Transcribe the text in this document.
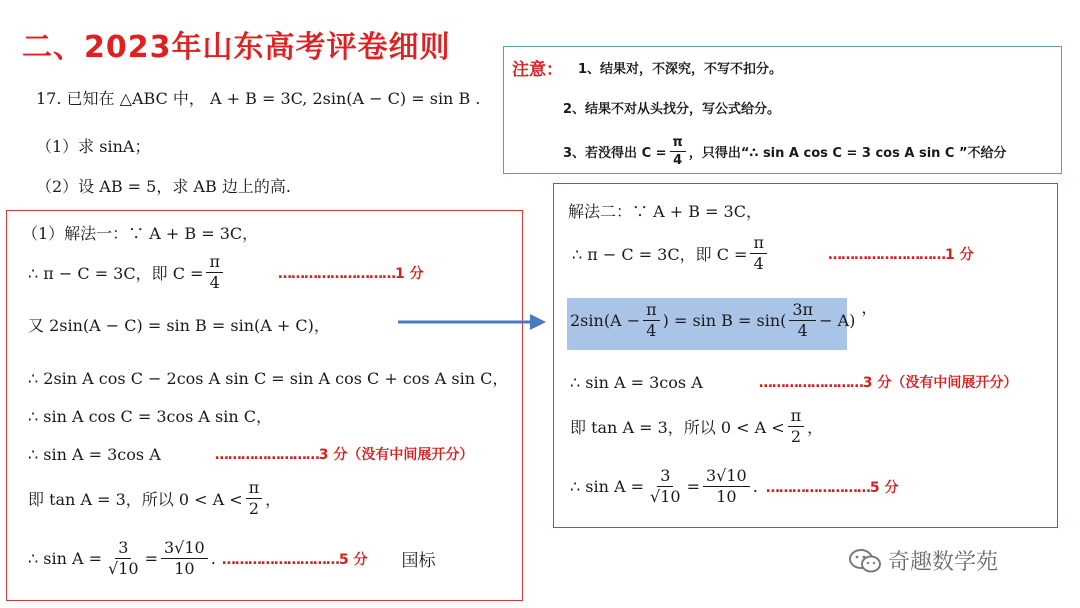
二、2023年山东高考评卷细则
17. 已知在 △ABC 中， A + B = 3C, 2sin(A − C) = sin B .
（1）求 sinA；
（2）设 AB = 5，求 AB 边上的高.
注意： 1、结果对，不深究，不写不扣分。
2、结果不对从头找分，写公式给分。
3、若没得出 $C = \frac{\pi}{4}$ ，只得出“∴ sin A cos C = 3 cos A sin C ”不给分
（1）解法一：∵ A + B = 3C，
∴ π − C = 3C，即 $C = \frac{\pi}{4}$	………………………1 分
又 2sin(A − C) = sin B = sin(A + C)，
∴ 2sin A cos C − 2cos A sin C = sin A cos C + cos A sin C，
∴ sin A cos C = 3cos A sin C，
∴ sin A = 3cos A	……………………3 分（没有中间展开分）
即 tan A = 3，所以 $0 < A < \frac{\pi}{2}$ ，
∴ $\sin A = \frac{3}{√10} = \frac{3√10}{10}$ . ………………………5 分 国标
解法二：∵ A + B = 3C，
∴ π − C = 3C，即 $C = \frac{\pi}{4}$	………………………1 分
$2\sin(A - \frac{\pi}{4}$ ) = $\sin B = \sin( \frac{3\pi}{4} - A)$
，
∴ sin A = 3cos A	……………………3 分（没有中间展开分）
即 tan A = 3，所以 $0 < A < \frac{\pi}{2}$ ，
∴ $\sin A = \frac{3}{√10} = \frac{3√10}{10}$ . ……………………5 分
奇趣数学苑
